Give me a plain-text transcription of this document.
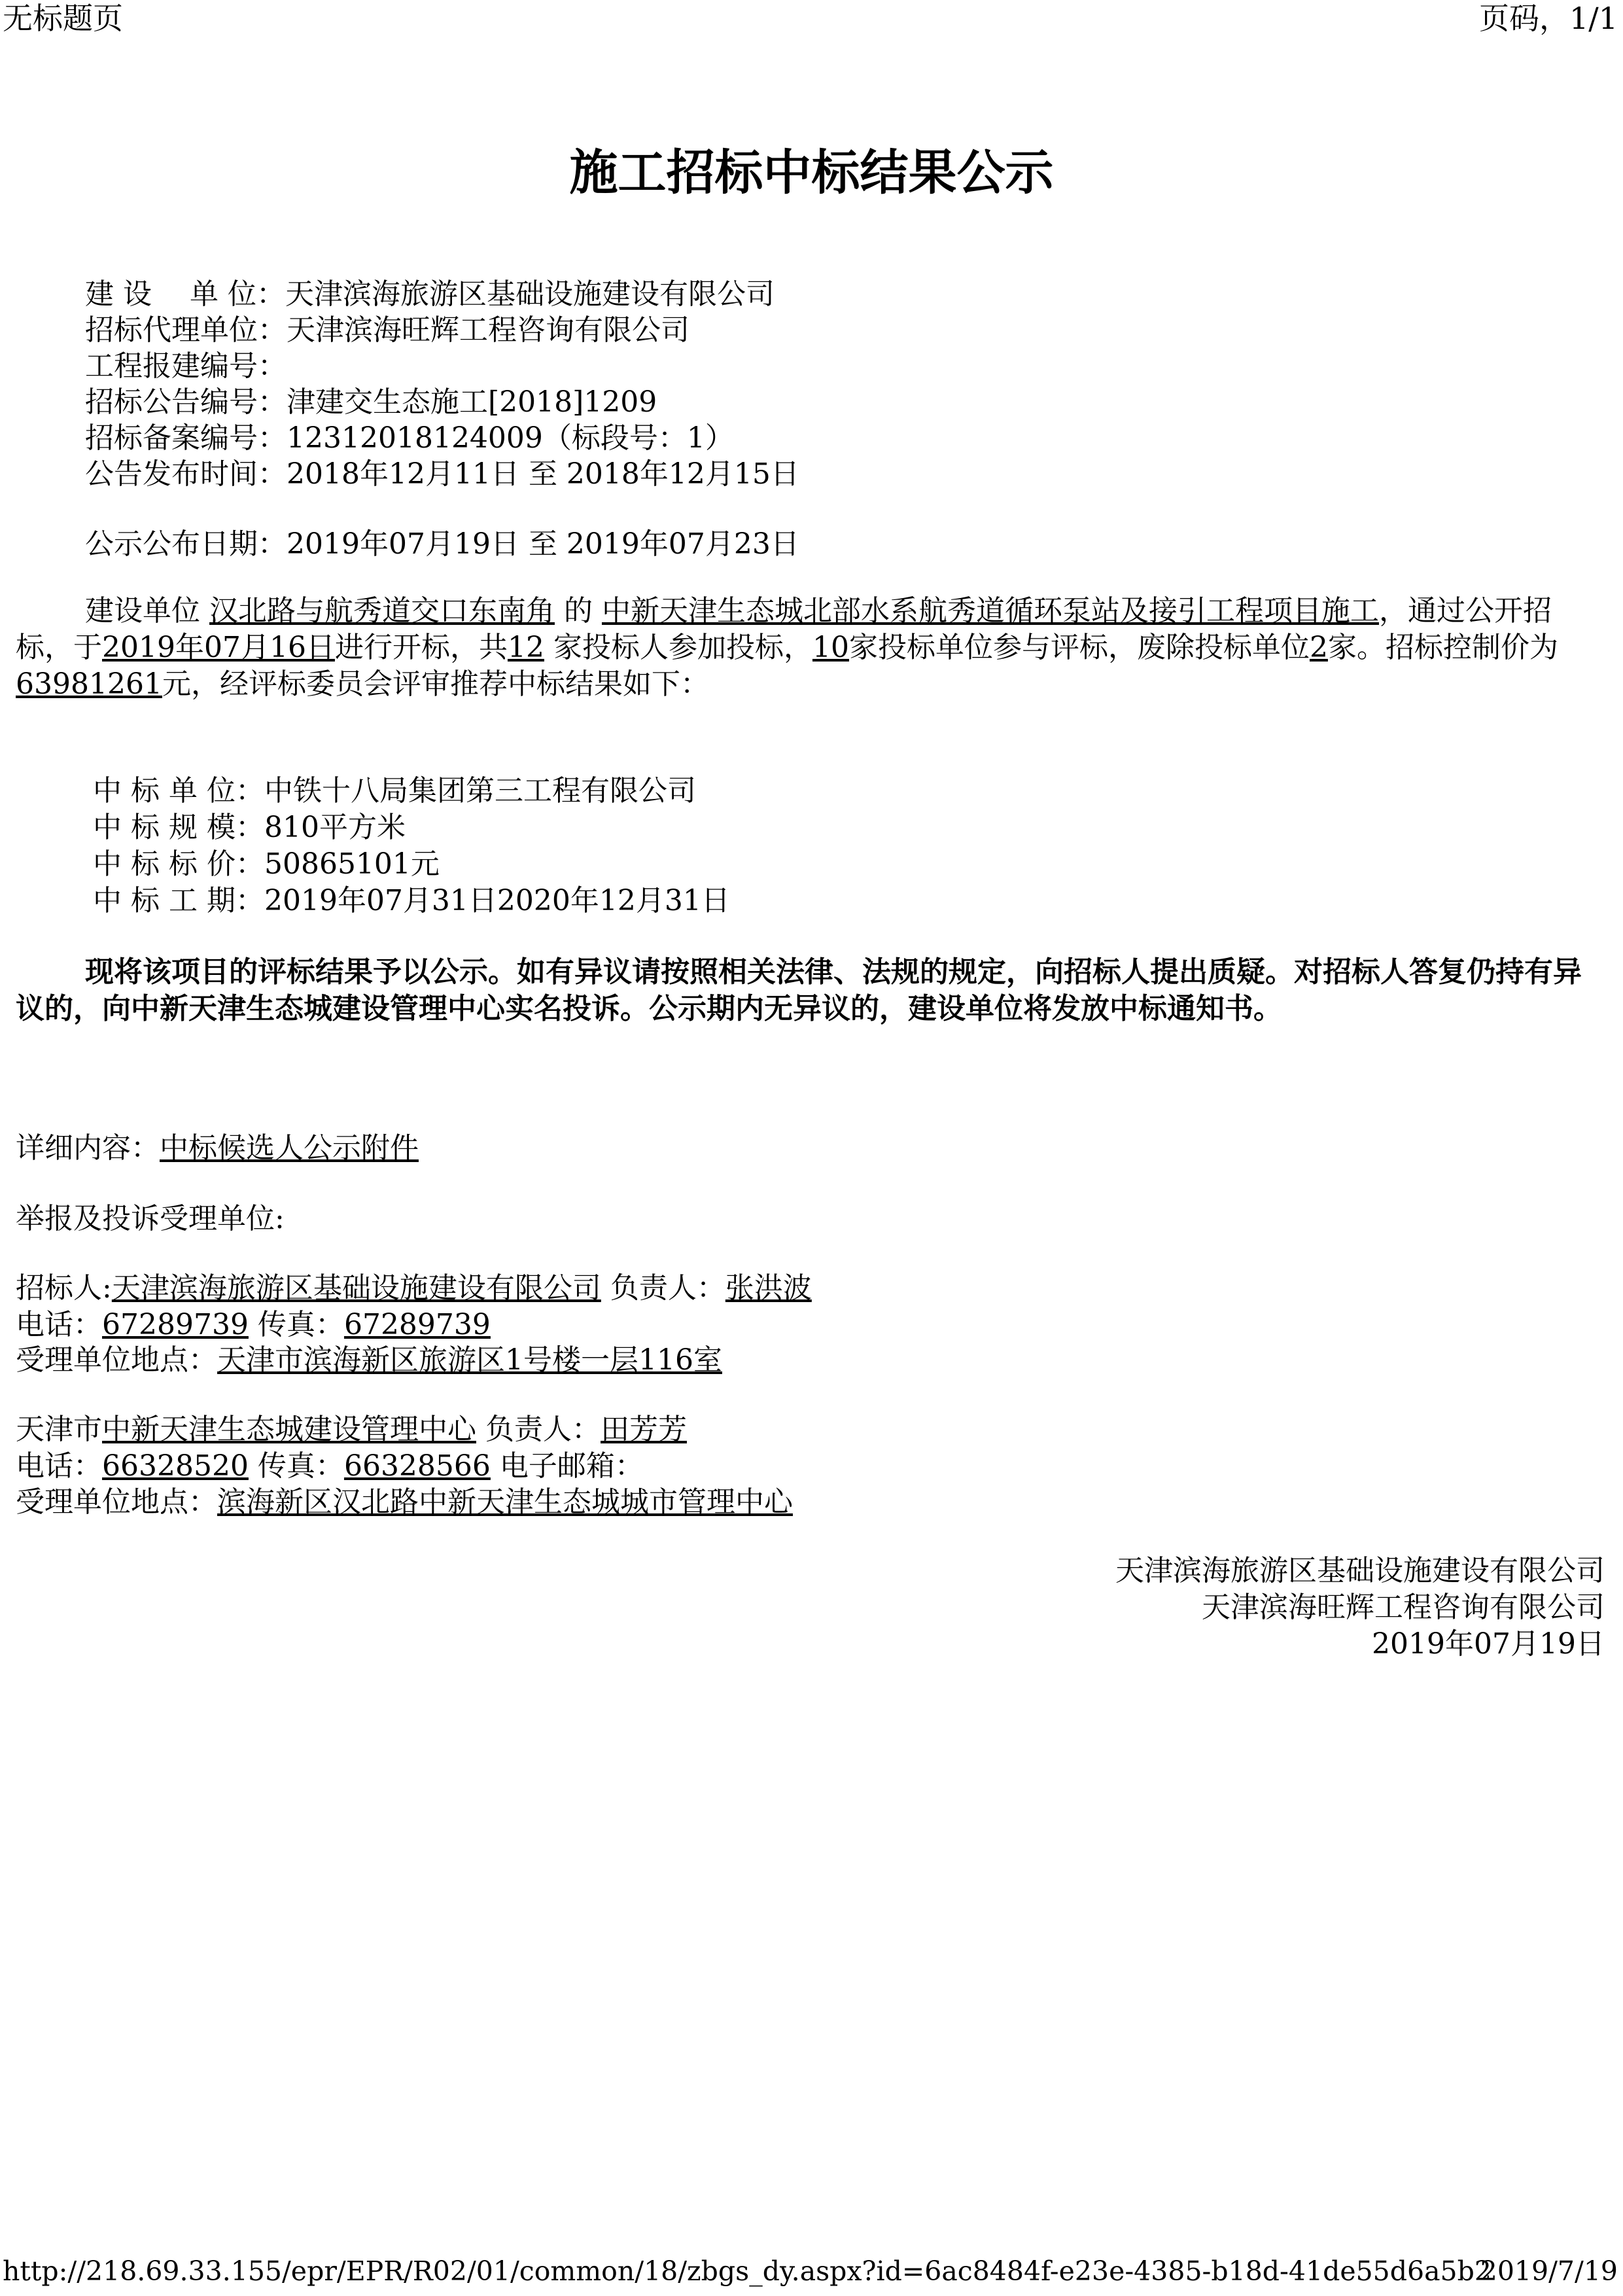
无标题页	页码，1/1
施工招标中标结果公示
建 设　 单 位：天津滨海旅游区基础设施建设有限公司
招标代理单位：天津滨海旺辉工程咨询有限公司
工程报建编号：
招标公告编号：津建交生态施工[2018]1209
招标备案编号：12312018124009（标段号：1）
公告发布时间：2018年12月11日 至 2018年12月15日
公示公布日期：2019年07月19日 至 2019年07月23日
建设单位 汉北路与航秀道交口东南角 的 中新天津生态城北部水系航秀道循环泵站及接引工程项目施工，通过公开招标，于2019年07月16日进行开标，共12 家投标人参加投标，10家投标单位参与评标，废除投标单位2家。招标控制价为63981261元，经评标委员会评审推荐中标结果如下：
中 标 单 位：中铁十八局集团第三工程有限公司
中 标 规 模：810平方米
中 标 标 价：50865101元
中 标 工 期：2019年07月31日2020年12月31日
现将该项目的评标结果予以公示。如有异议请按照相关法律、法规的规定，向招标人提出质疑。对招标人答复仍持有异议的，向中新天津生态城建设管理中心实名投诉。公示期内无异议的，建设单位将发放中标通知书。
详细内容：中标候选人公示附件
举报及投诉受理单位:
招标人:天津滨海旅游区基础设施建设有限公司 负责人：张洪波
电话：67289739 传真：67289739
受理单位地点：天津市滨海新区旅游区1号楼一层116室
天津市中新天津生态城建设管理中心 负责人：田芳芳
电话：66328520 传真：66328566 电子邮箱：
受理单位地点：滨海新区汉北路中新天津生态城城市管理中心
天津滨海旅游区基础设施建设有限公司
天津滨海旺辉工程咨询有限公司
2019年07月19日
http://218.69.33.155/epr/EPR/R02/01/common/18/zbgs_dy.aspx?id=6ac8484f-e23e-4385-b18d-41de55d6a5b2
2019/7/19
